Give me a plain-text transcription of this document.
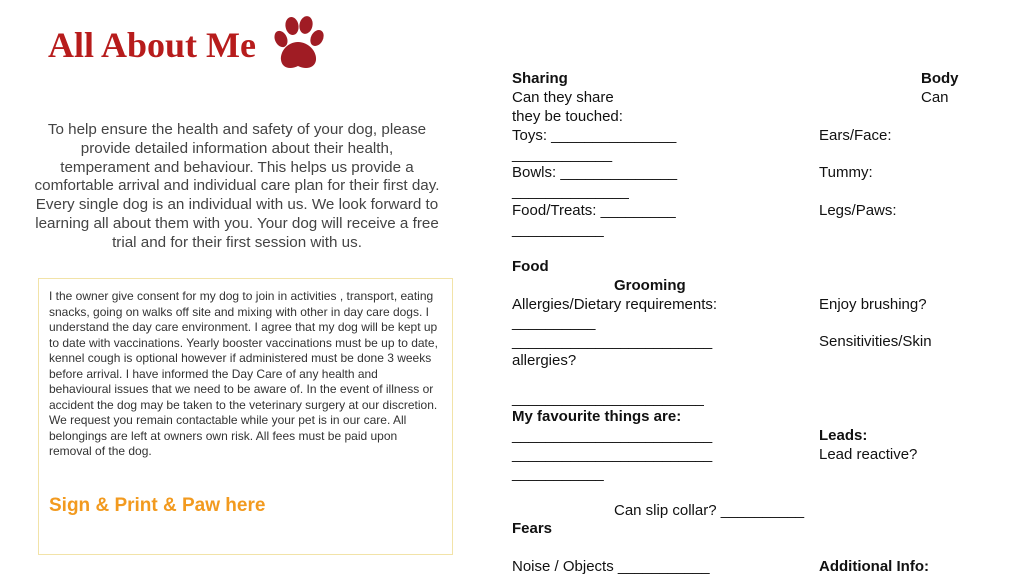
All About Me

To help ensure the health and safety of your dog, please provide detailed information about their health, temperament and behaviour. This helps us provide a comfortable arrival and individual care plan for their first day. Every single dog is an individual with us. We look forward to learning all about them with you. Your dog will receive a free trial and for their first session with us.

I the owner give consent for my dog to join in activities , transport, eating snacks, going on walks off site and mixing with other in day care dogs. I understand the day care environment. I agree that my dog will be kept up to date with vaccinations. Yearly booster vaccinations must be up to date, kennel cough is optional however if administered must be done 3 weeks before arrival. I have informed the Day Care of any health and behavioural issues that we need to be aware of. In the event of illness or accident the dog may be taken to the veterinary surgery at our discretion. We request you remain contactable while your pet is in our care. All belongings are left at owners own risk. All fees must be paid upon removal of the dog.
Sign & Print & Paw here
Sharing
Can they share
they be touched:
Toys: _______________
____________
Bowls: ______________
______________
Food/Treats: _________
___________
Food
Grooming
Allergies/Dietary requirements:
__________
________________________
allergies?
_______________________
My favourite things are:
________________________
________________________
___________
Can slip collar? __________
Fears
Noise / Objects ___________
Body
Can
Ears/Face:
Tummy:
Legs/Paws:
Enjoy brushing?
Sensitivities/Skin
Leads:
Lead reactive?
Additional Info:
